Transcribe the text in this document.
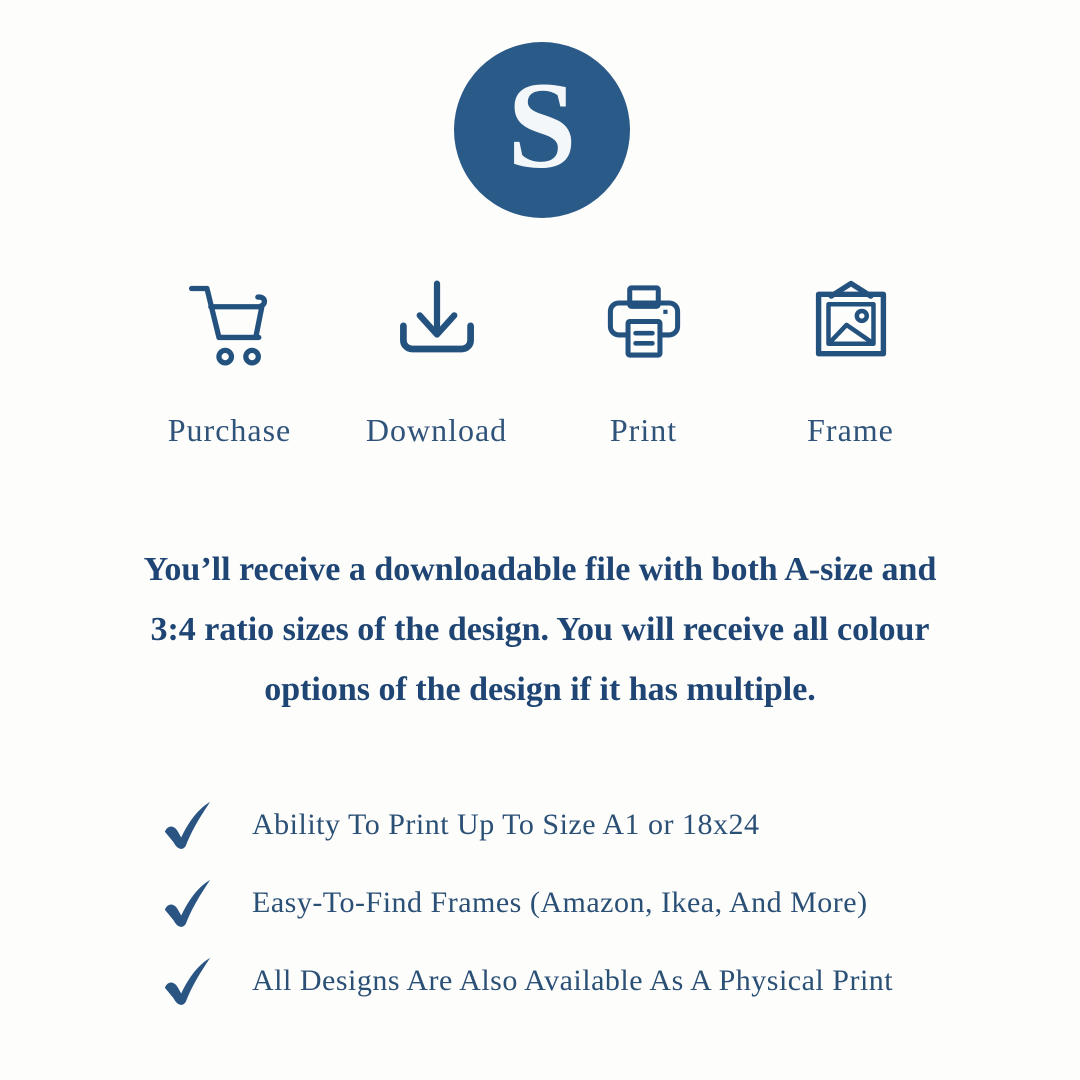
S
Purchase Download	Print	Frame
You’ll receive a downloadable file with both A-size and
3:4 ratio sizes of the design. You will receive all colour
options of the design if it has multiple.
Ability To Print Up To Size A1 or 18x24
Easy-To-Find Frames (Amazon, Ikea, And More)
All Designs Are Also Available As A Physical Print
